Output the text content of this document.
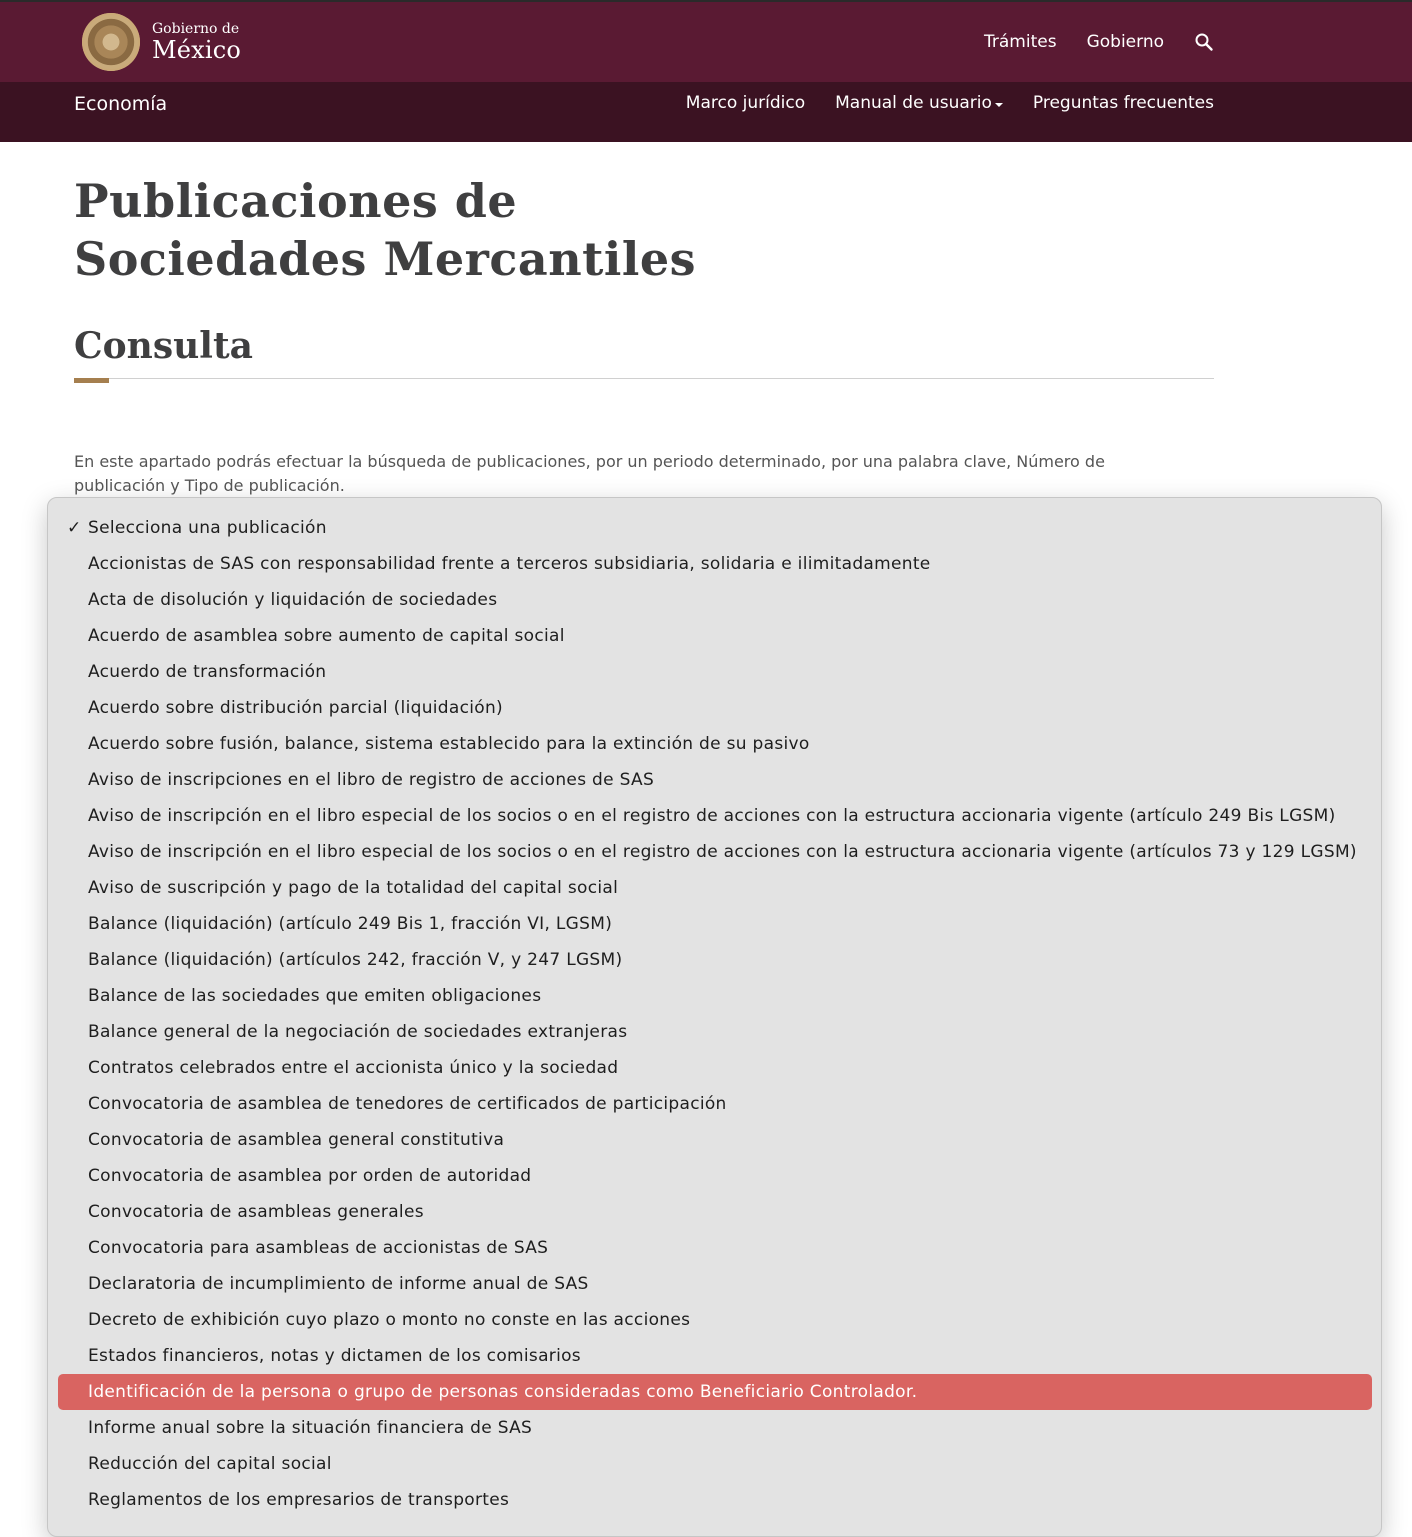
Gobierno de
México	Trámites Gobierno
Economía	Marco jurídico Manual de usuario Preguntas frecuentes
Publicaciones de
Sociedades Mercantiles
Consulta

En este apartado podrás efectuar la búsqueda de publicaciones, por un periodo determinado, por una palabra clave, Número de publicación y Tipo de publicación.

✓ Selecciona una publicación
Accionistas de SAS con responsabilidad frente a terceros subsidiaria, solidaria e ilimitadamente
Acta de disolución y liquidación de sociedades
Acuerdo de asamblea sobre aumento de capital social
Acuerdo de transformación
Acuerdo sobre distribución parcial (liquidación)
Acuerdo sobre fusión, balance, sistema establecido para la extinción de su pasivo
Aviso de inscripciones en el libro de registro de acciones de SAS
Aviso de inscripción en el libro especial de los socios o en el registro de acciones con la estructura accionaria vigente (artículo 249 Bis LGSM)
Aviso de inscripción en el libro especial de los socios o en el registro de acciones con la estructura accionaria vigente (artículos 73 y 129 LGSM)
Aviso de suscripción y pago de la totalidad del capital social
Balance (liquidación) (artículo 249 Bis 1, fracción VI, LGSM)
Balance (liquidación) (artículos 242, fracción V, y 247 LGSM)
Balance de las sociedades que emiten obligaciones
Balance general de la negociación de sociedades extranjeras
Contratos celebrados entre el accionista único y la sociedad
Convocatoria de asamblea de tenedores de certificados de participación
Convocatoria de asamblea general constitutiva
Convocatoria de asamblea por orden de autoridad
Convocatoria de asambleas generales
Convocatoria para asambleas de accionistas de SAS
Declaratoria de incumplimiento de informe anual de SAS
Decreto de exhibición cuyo plazo o monto no conste en las acciones
Estados financieros, notas y dictamen de los comisarios
Identificación de la persona o grupo de personas consideradas como Beneficiario Controlador.
Informe anual sobre la situación financiera de SAS
Reducción del capital social
Reglamentos de los empresarios de transportes
